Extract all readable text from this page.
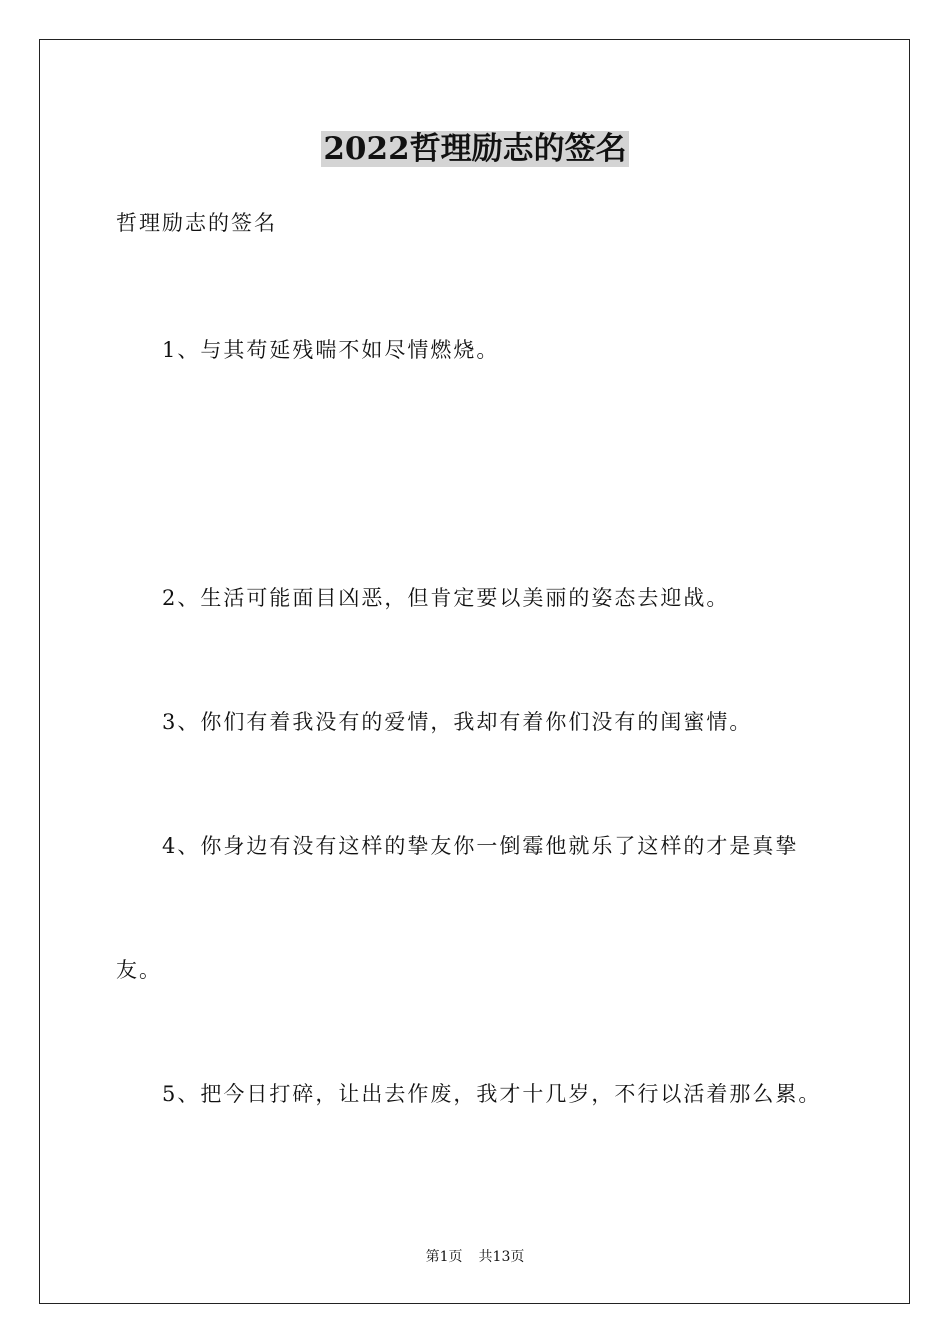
2022哲理励志的签名
哲理励志的签名
1、与其苟延残喘不如尽情燃烧。
2、生活可能面目凶恶，但肯定要以美丽的姿态去迎战。
3、你们有着我没有的爱情，我却有着你们没有的闺蜜情。
4、你身边有没有这样的挚友你一倒霉他就乐了这样的才是真挚
友。
5、把今日打碎，让出去作废，我才十几岁，不行以活着那么累。
第1页 共13页
